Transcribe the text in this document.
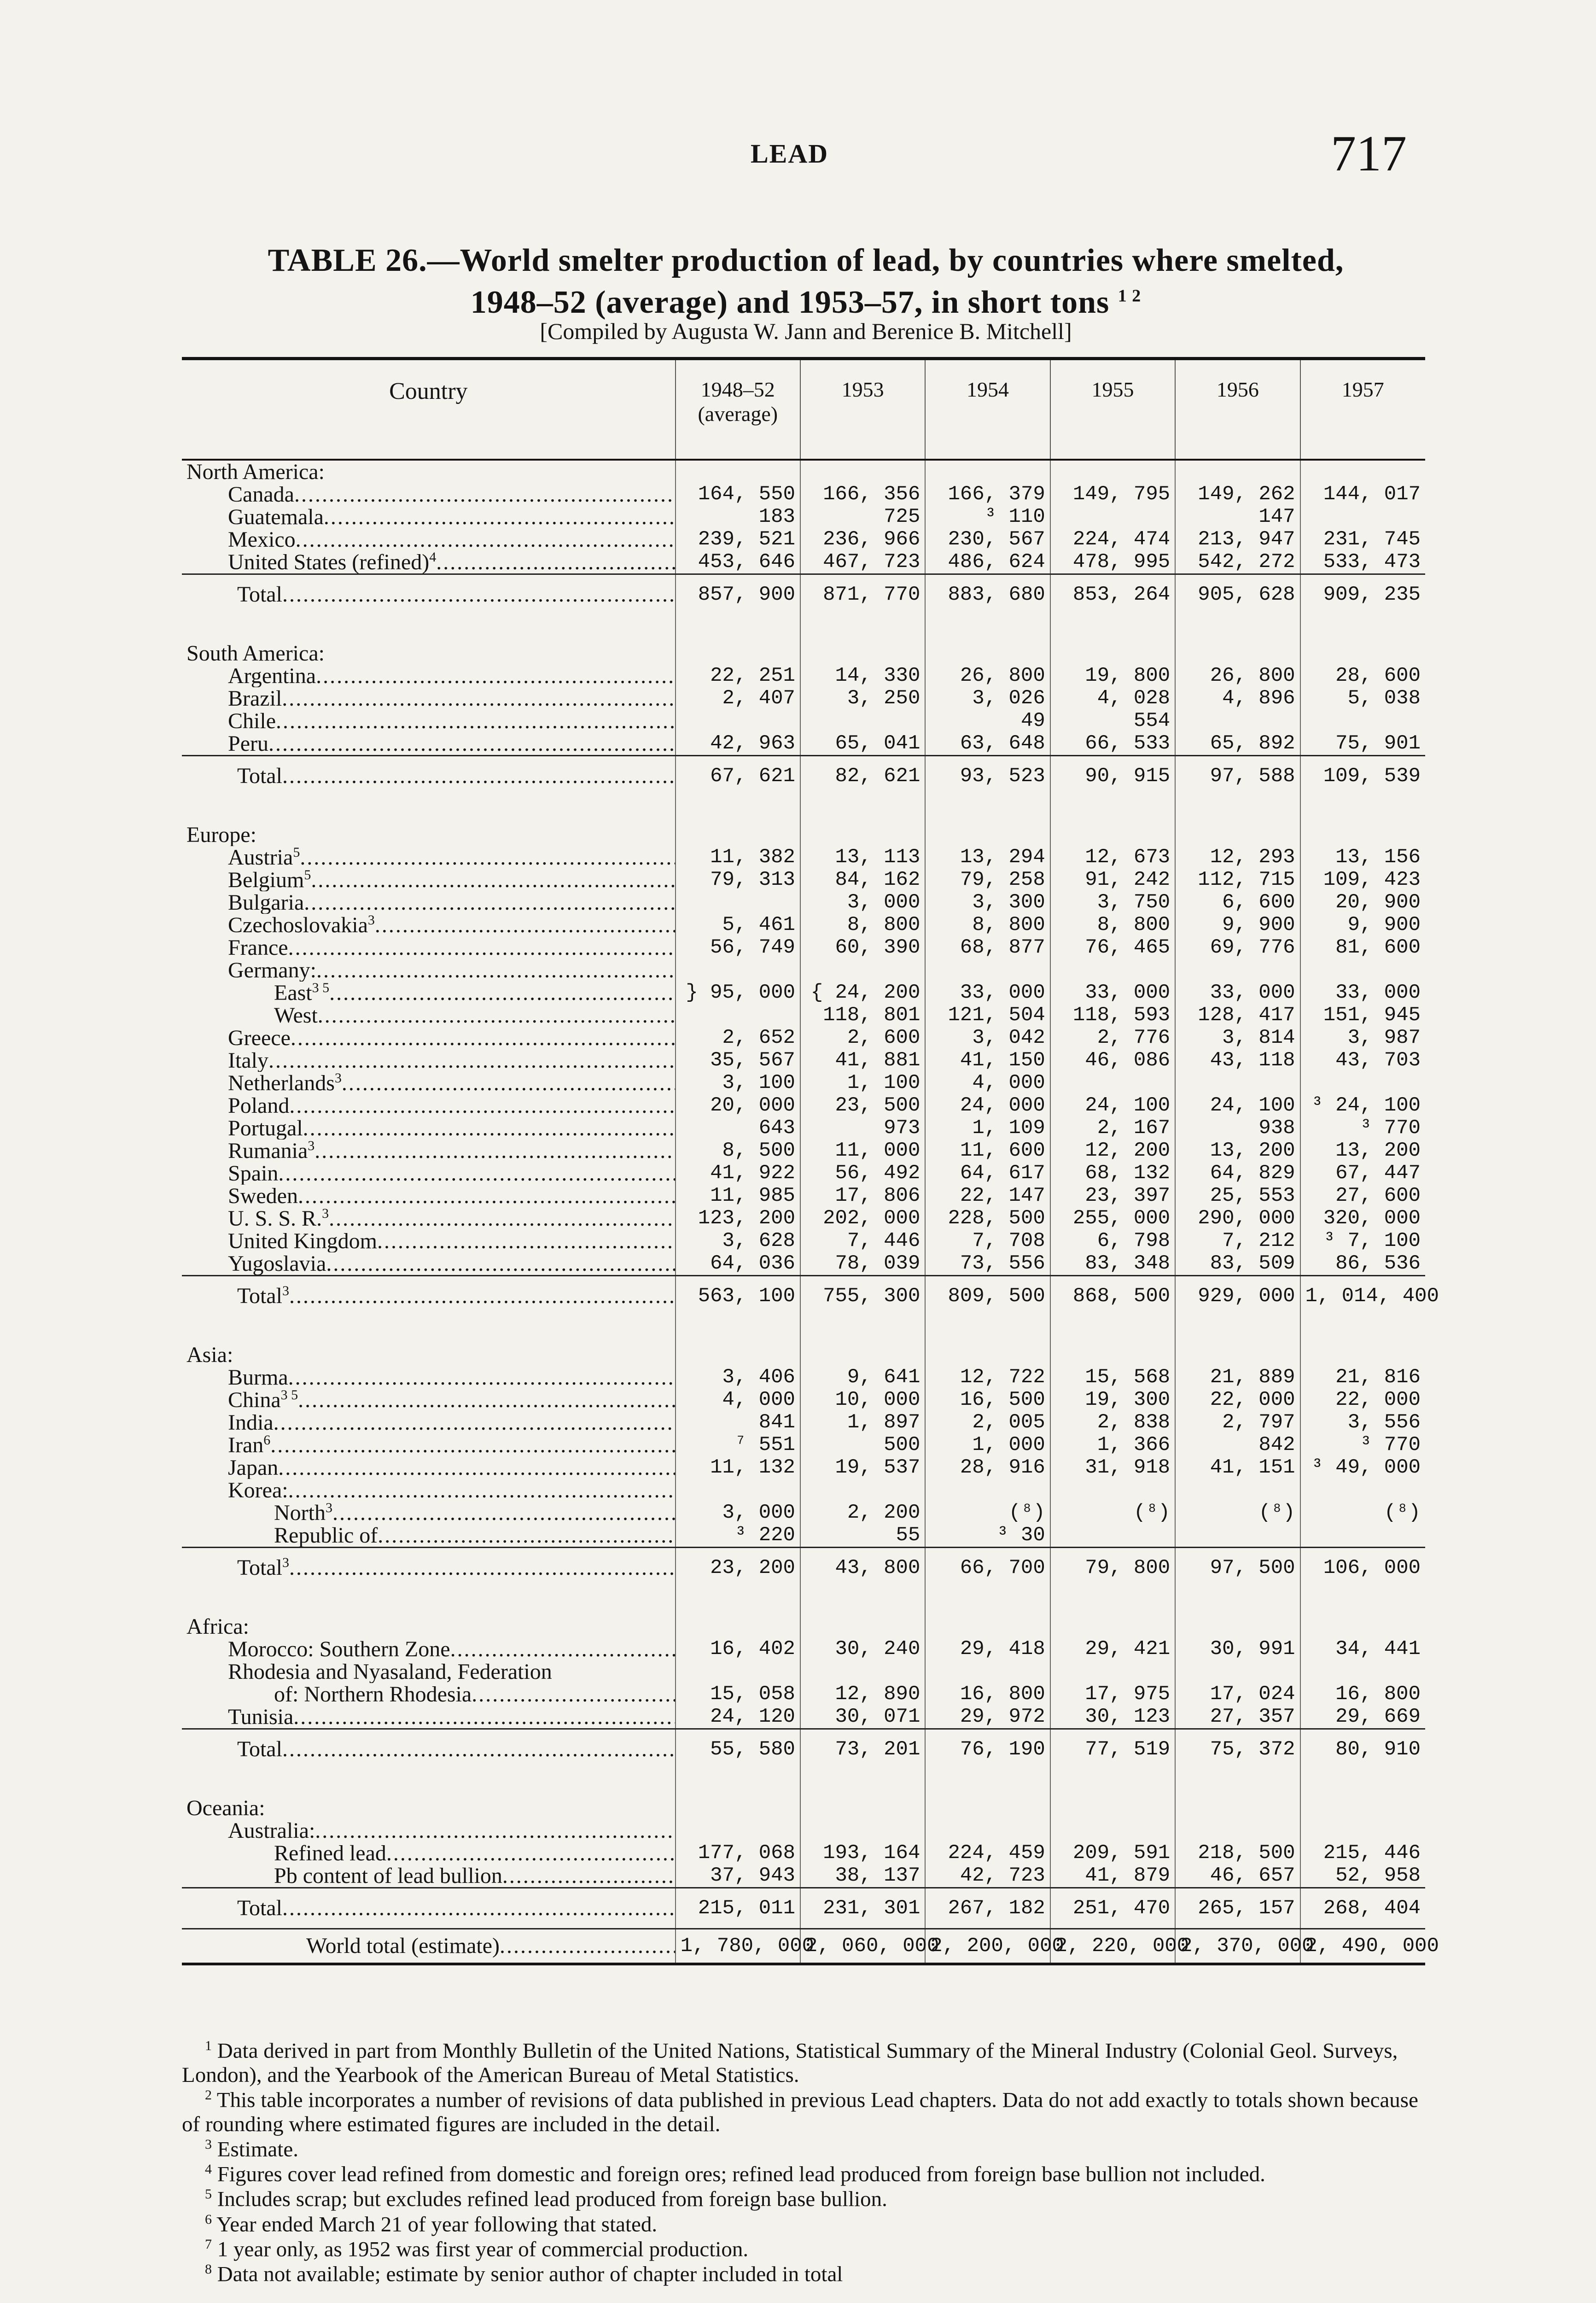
LEAD	717
TABLE 26.—World smelter production of lead, by countries where smelted,
1948–52 (average) and 1953–57, in short tons $^{1 2}$
[Compiled by Augusta W. Jann and Berenice B. Mitchell]
Country	1948–52 (average)	1953	1954	1955	1956	1957
North America:						
Canada .....	164, 550	166, 356	166, 379	149, 795	149, 262	144, 017
Guatemala .....	183	725	³ 110		147	
Mexico .....	239, 521	236, 966	230, 567	224, 474	213, 947	231, 745
United States (refined)$^4$ .....	453, 646	467, 723	486, 624	478, 995	542, 272	533, 473
Total .....	857, 900	871, 770	883, 680	853, 264	905, 628	909, 235

South America:						
Argentina .....	22, 251	14, 330	26, 800	19, 800	26, 800	28, 600
Brazil .....	2, 407	3, 250	3, 026	4, 028	4, 896	5, 038
Chile .....			49	554		
Peru .....	42, 963	65, 041	63, 648	66, 533	65, 892	75, 901
Total .....	67, 621	82, 621	93, 523	90, 915	97, 588	109, 539

Europe:						
Austria$^5$ .....	11, 382	13, 113	13, 294	12, 673	12, 293	13, 156
Belgium$^5$ .....	79, 313	84, 162	79, 258	91, 242	112, 715	109, 423
Bulgaria .....		3, 000	3, 300	3, 750	6, 600	20, 900
Czechoslovakia$^3$ .....	5, 461	8, 800	8, 800	8, 800	9, 900	9, 900
France .....	56, 749	60, 390	68, 877	76, 465	69, 776	81, 600
Germany: .....						
East$^{3 5}$ .....	} 95, 000	{ 24, 200	33, 000	33, 000	33, 000	33, 000
West .....		118, 801	121, 504	118, 593	128, 417	151, 945
Greece .....	2, 652	2, 600	3, 042	2, 776	3, 814	3, 987
Italy .....	35, 567	41, 881	41, 150	46, 086	43, 118	43, 703
Netherlands$^3$ .....	3, 100	1, 100	4, 000			
Poland .....	20, 000	23, 500	24, 000	24, 100	24, 100	³ 24, 100
Portugal .....	643	973	1, 109	2, 167	938	³ 770
Rumania$^3$ .....	8, 500	11, 000	11, 600	12, 200	13, 200	13, 200
Spain .....	41, 922	56, 492	64, 617	68, 132	64, 829	67, 447
Sweden .....	11, 985	17, 806	22, 147	23, 397	25, 553	27, 600
U. S. S. R.$^3$ .....	123, 200	202, 000	228, 500	255, 000	290, 000	320, 000
United Kingdom .....	3, 628	7, 446	7, 708	6, 798	7, 212	³ 7, 100
Yugoslavia .....	64, 036	78, 039	73, 556	83, 348	83, 509	86, 536
Total$^3$ .....	563, 100	755, 300	809, 500	868, 500	929, 000	1, 014, 400

Asia:						
Burma .....	3, 406	9, 641	12, 722	15, 568	21, 889	21, 816
China$^{3 5}$ .....	4, 000	10, 000	16, 500	19, 300	22, 000	22, 000
India .....	841	1, 897	2, 005	2, 838	2, 797	3, 556
Iran$^6$ .....	⁷ 551	500	1, 000	1, 366	842	³ 770
Japan .....	11, 132	19, 537	28, 916	31, 918	41, 151	³ 49, 000
Korea: .....						
North$^3$ .....	3, 000	2, 200	(⁸)	(⁸)	(⁸)	(⁸)
Republic of .....	³ 220	55	³ 30			
Total$^3$ .....	23, 200	43, 800	66, 700	79, 800	97, 500	106, 000

Africa:						
Morocco: Southern Zone .....	16, 402	30, 240	29, 418	29, 421	30, 991	34, 441
Rhodesia and Nyasaland, Federation						
of: Northern Rhodesia .....	15, 058	12, 890	16, 800	17, 975	17, 024	16, 800
Tunisia .....	24, 120	30, 071	29, 972	30, 123	27, 357	29, 669
Total .....	55, 580	73, 201	76, 190	77, 519	75, 372	80, 910

Oceania:						
Australia: .....						
Refined lead .....	177, 068	193, 164	224, 459	209, 591	218, 500	215, 446
Pb content of lead bullion .....	37, 943	38, 137	42, 723	41, 879	46, 657	52, 958
Total .....	215, 011	231, 301	267, 182	251, 470	265, 157	268, 404
World total (estimate) .....	1, 780, 000	2, 060, 000	2, 200, 000	2, 220, 000	2, 370, 000	2, 490, 000
$^1$ Data derived in part from Monthly Bulletin of the United Nations, Statistical Summary of the Mineral Industry (Colonial Geol. Surveys, London), and the Yearbook of the American Bureau of Metal Statistics.
$^2$ This table incorporates a number of revisions of data published in previous Lead chapters. Data do not add exactly to totals shown because of rounding where estimated figures are included in the detail.
$^3$ Estimate.
$^4$ Figures cover lead refined from domestic and foreign ores; refined lead produced from foreign base bullion not included.
$^5$ Includes scrap; but excludes refined lead produced from foreign base bullion.
$^6$ Year ended March 21 of year following that stated.
$^7$ 1 year only, as 1952 was first year of commercial production.
$^8$ Data not available; estimate by senior author of chapter included in total
